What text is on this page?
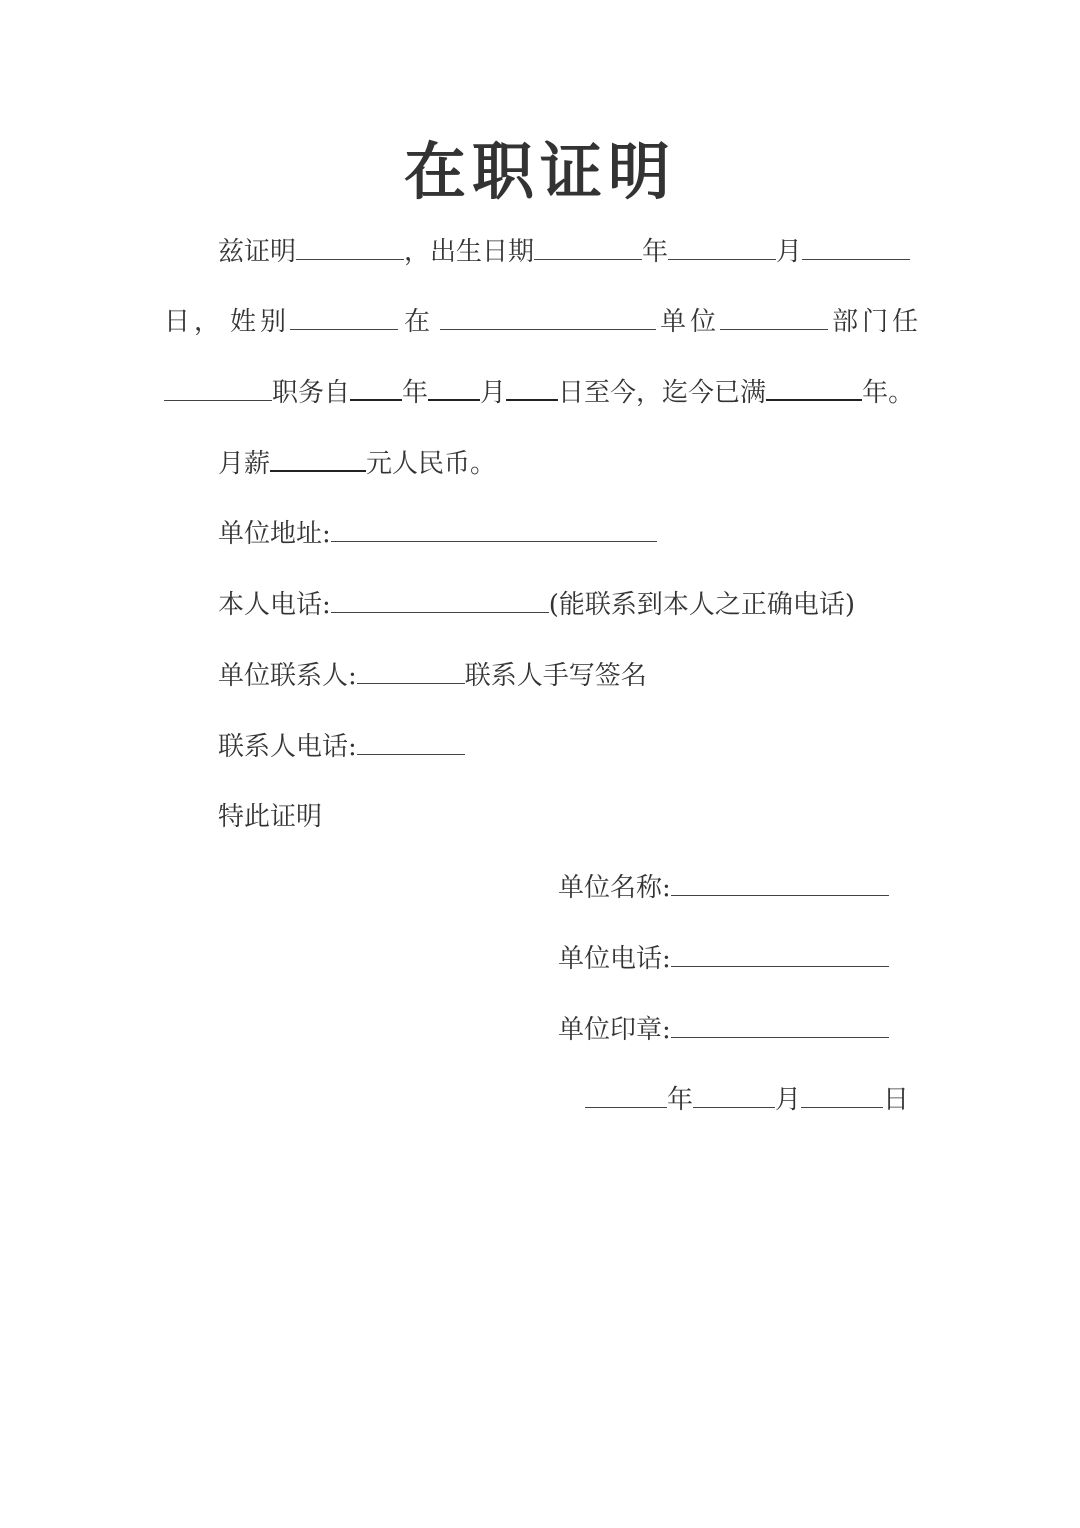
在职证明
兹证明	，出生日期	年	月
日， 姓别	在	单位	部门任
职务自 年 月 日至今，迄今已满	年。
月薪	元人民币。
单位地址:
本人电话:	(能联系到本人之正确电话)
单位联系人:	联系人手写签名
联系人电话:
特此证明
单位名称:
单位电话:
单位印章:
年	月	日
